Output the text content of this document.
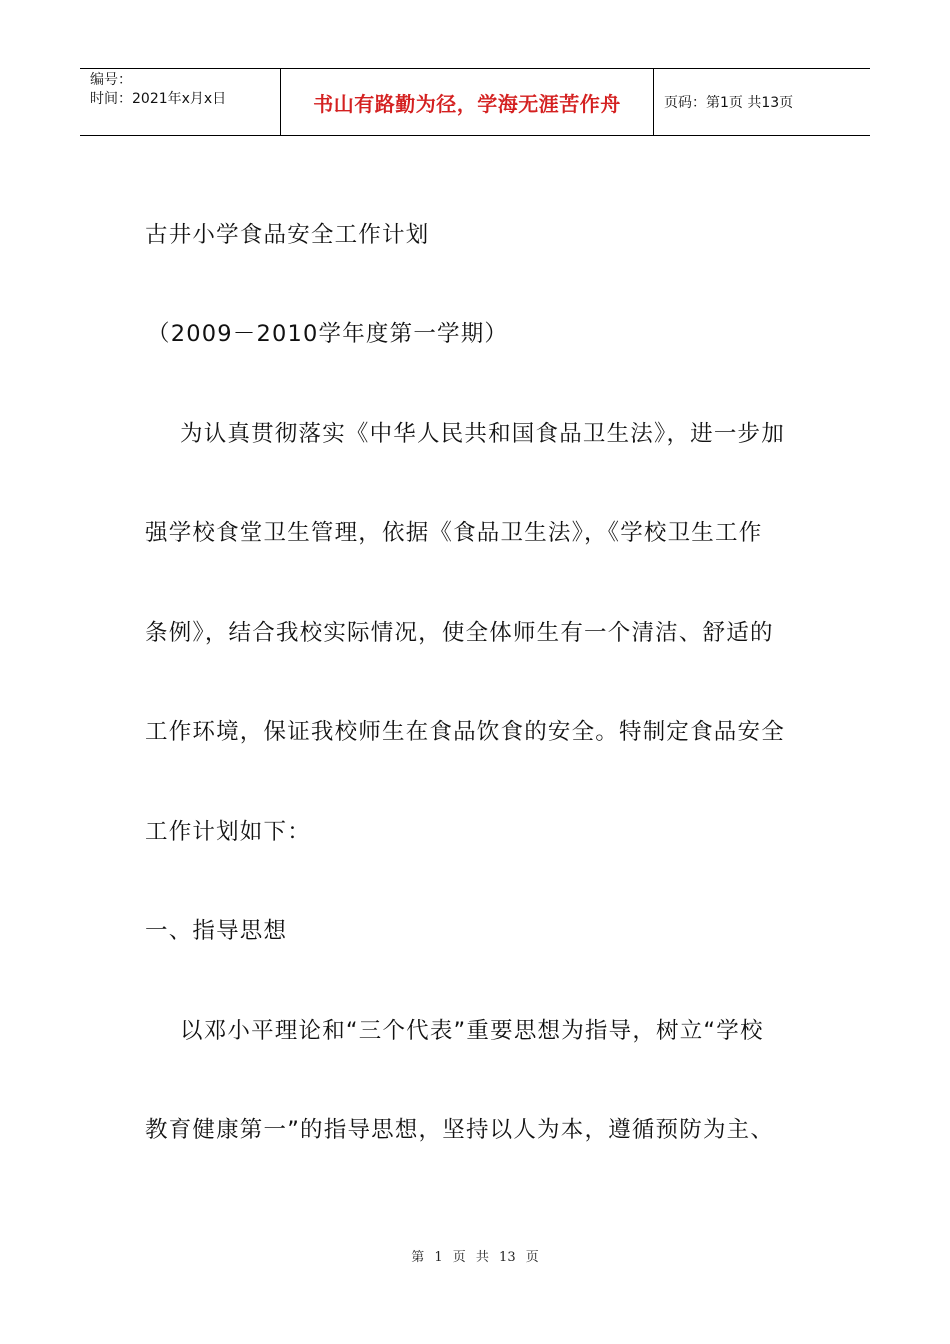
编号：
时间：2021年x月x日	书山有路勤为径，学海无涯苦作舟	页码：第1页 共13页
古井小学食品安全工作计划
（2009－2010学年度第一学期）
为认真贯彻落实《中华人民共和国食品卫生法》，进一步加
强学校食堂卫生管理，依据《食品卫生法》，《学校卫生工作
条例》，结合我校实际情况，使全体师生有一个清洁、舒适的
工作环境，保证我校师生在食品饮食的安全。特制定食品安全
工作计划如下：
一、指导思想
以邓小平理论和“三个代表”重要思想为指导，树立“学校
教育健康第一”的指导思想，坚持以人为本，遵循预防为主、
第 1 页 共 13 页
